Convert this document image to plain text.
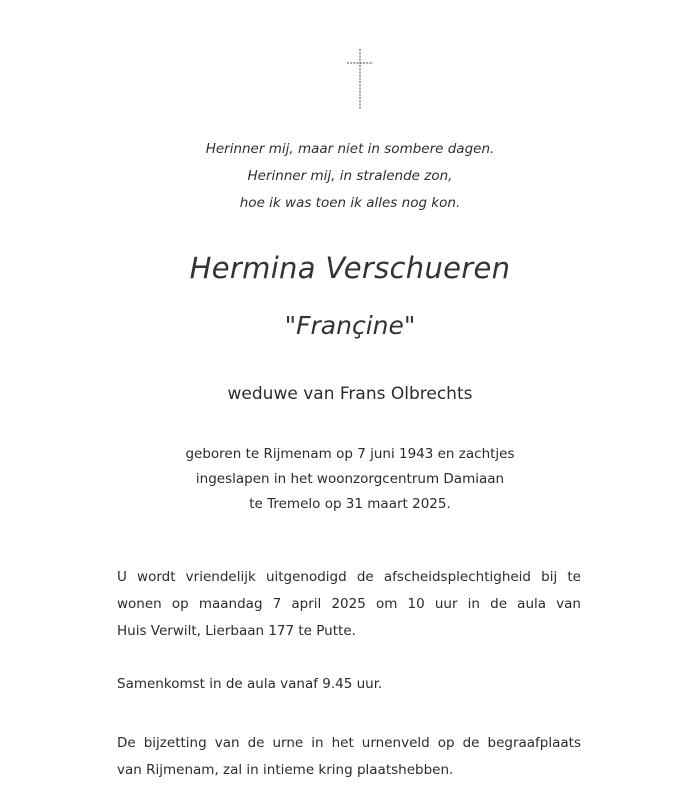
Herinner mij, maar niet in sombere dagen.
Herinner mij, in stralende zon,
hoe ik was toen ik alles nog kon.
Hermina Verschueren
"Françine"
weduwe van Frans Olbrechts
geboren te Rijmenam op 7 juni 1943 en zachtjes
ingeslapen in het woonzorgcentrum Damiaan
te Tremelo op 31 maart 2025.
U wordt vriendelijk uitgenodigd de afscheidsplechtigheid bij te
wonen op maandag 7 april 2025 om 10 uur in de aula van
Huis Verwilt, Lierbaan 177 te Putte.
Samenkomst in de aula vanaf 9.45 uur.
De bijzetting van de urne in het urnenveld op de begraafplaats
van Rijmenam, zal in intieme kring plaatshebben.
